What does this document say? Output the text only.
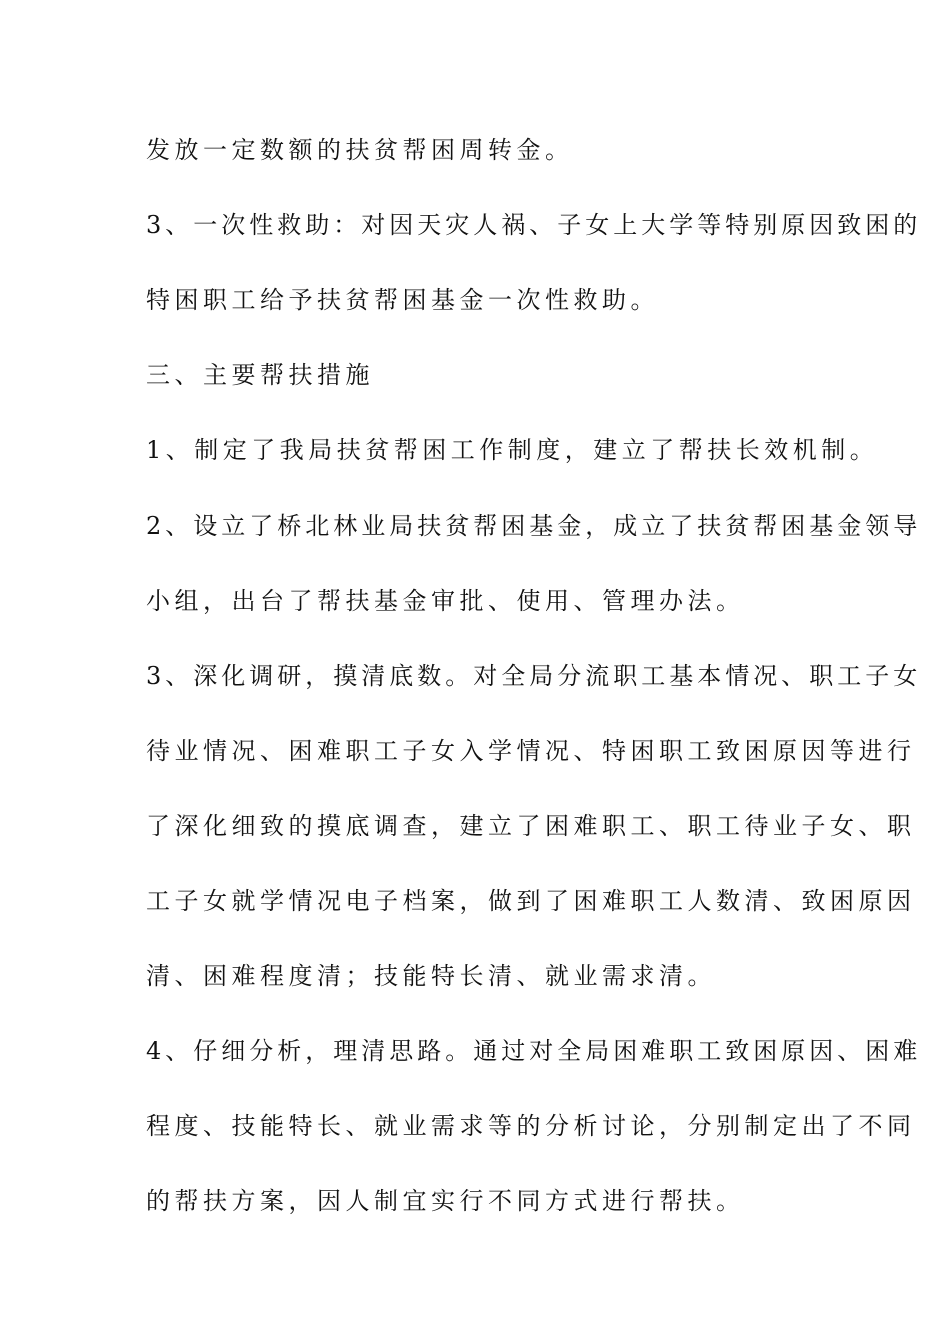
发放一定数额的扶贫帮困周转金。
3、一次性救助：对因天灾人祸、子女上大学等特别原因致困的
特困职工给予扶贫帮困基金一次性救助。
三、主要帮扶措施
1、制定了我局扶贫帮困工作制度，建立了帮扶长效机制。
2、设立了桥北林业局扶贫帮困基金，成立了扶贫帮困基金领导
小组，出台了帮扶基金审批、使用、管理办法。
3、深化调研，摸清底数。对全局分流职工基本情况、职工子女
待业情况、困难职工子女入学情况、特困职工致困原因等进行
了深化细致的摸底调查，建立了困难职工、职工待业子女、职
工子女就学情况电子档案，做到了困难职工人数清、致困原因
清、困难程度清；技能特长清、就业需求清。
4、仔细分析，理清思路。通过对全局困难职工致困原因、困难
程度、技能特长、就业需求等的分析讨论，分别制定出了不同
的帮扶方案，因人制宜实行不同方式进行帮扶。
